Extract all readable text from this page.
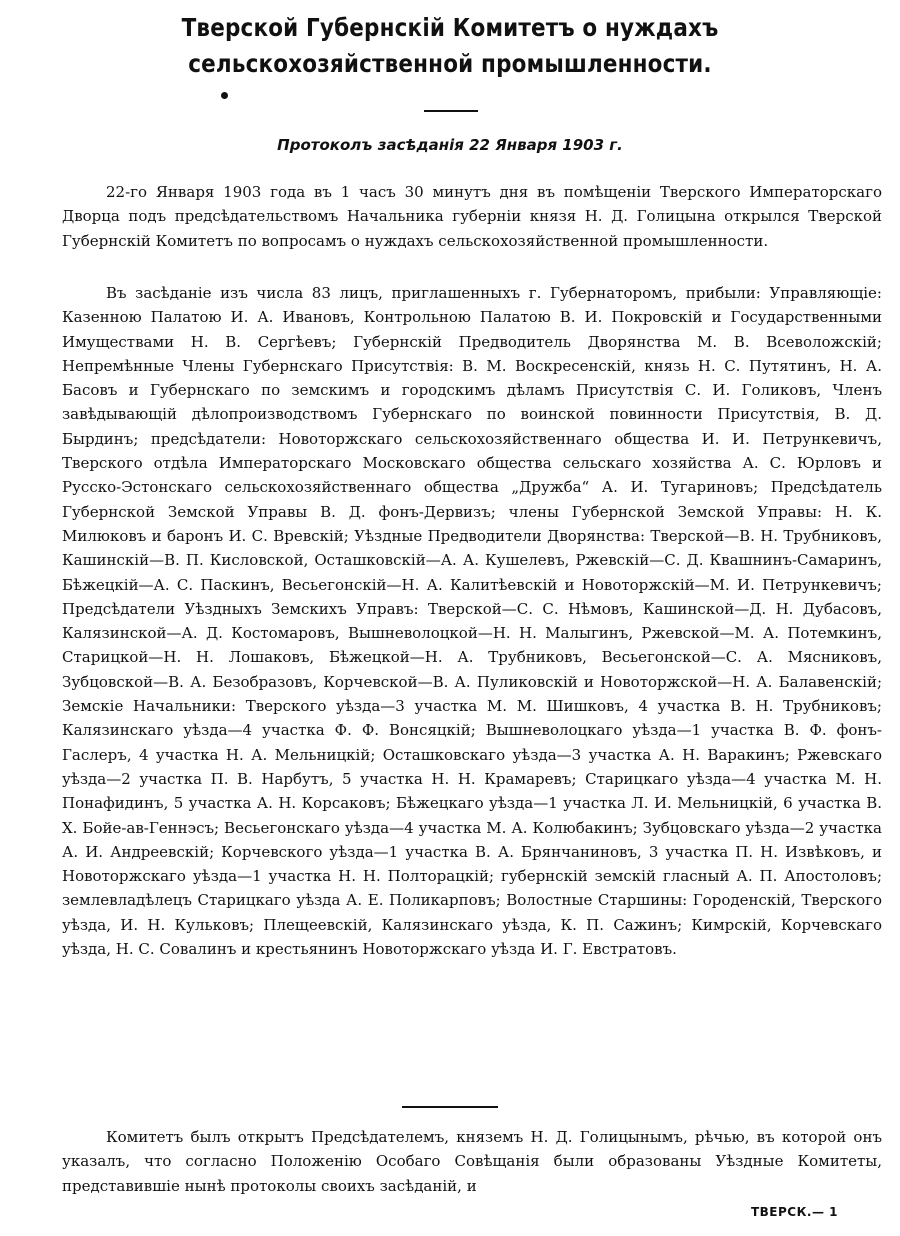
Тверской Губернскій Комитетъ о нуждахъ сельскохозяйственной промышленности.
Протоколъ засѣданія 22 Января 1903 г.
22-го Января 1903 года въ 1 часъ 30 минутъ дня въ помѣщеніи Тверского Императорскаго Дворца подъ предсѣдательствомъ Начальника губерніи князя Н. Д. Голицына открылся Тверской Губернскій Комитетъ по вопросамъ о нуждахъ сельскохозяйственной промышленности.
Въ засѣданіе изъ числа 83 лицъ, приглашенныхъ г. Губернаторомъ, прибыли: Управляющіе: Казенною Палатою И. А. Ивановъ, Контрольною Палатою В. И. Покровскій и Государственными Имуществами Н. В. Сергѣевъ; Губернскій Предводитель Дворянства М. В. Всеволожскій; Непремѣнные Члены Губернскаго Присутствія: В. М. Воскресенскій, князь Н. С. Путятинъ, Н. А. Басовъ и Губернскаго по земскимъ и городскимъ дѣламъ Присутствія С. И. Голиковъ, Членъ завѣдывающій дѣлопроизводствомъ Губернскаго по воинской повинности Присутствія, В. Д. Бырдинъ; предсѣдатели: Новоторжскаго сельскохозяйственнаго общества И. И. Петрункевичъ, Тверского отдѣла Императорскаго Московскаго общества сельскаго хозяйства А. С. Юрловъ и Русско-Эстонскаго сельскохозяйственнаго общества „Дружба“ А. И. Тугариновъ; Предсѣдатель Губернской Земской Управы В. Д. фонъ-Дервизъ; члены Губернской Земской Управы: Н. К. Милюковъ и баронъ И. С. Вревскій; Уѣздные Предводители Дворянства: Тверской—В. Н. Трубниковъ, Кашинскій—В. П. Кисловской, Осташковскій—А. А. Кушелевъ, Ржевскій—С. Д. Квашнинъ-Самаринъ, Бѣжецкій—А. С. Паскинъ, Весьегонскій—Н. А. Калитѣевскій и Новоторжскій—М. И. Петрункевичъ; Предсѣдатели Уѣздныхъ Земскихъ Управъ: Тверской—С. С. Нѣмовъ, Кашинской—Д. Н. Дубасовъ, Калязинской—А. Д. Костомаровъ, Вышневолоцкой—Н. Н. Малыгинъ, Ржевской—М. А. Потемкинъ, Старицкой—Н. Н. Лошаковъ, Бѣжецкой—Н. А. Трубниковъ, Весьегонской—С. А. Мясниковъ, Зубцовской—В. А. Безобразовъ, Корчевской—В. А. Пуликовскій и Новоторжской—Н. А. Балавенскій; Земскіе Начальники: Тверского уѣзда—3 участка М. М. Шишковъ, 4 участка В. Н. Трубниковъ; Калязинскаго уѣзда—4 участка Ф. Ф. Вонсяцкій; Вышневолоцкаго уѣзда—1 участка В. Ф. фонъ-Гаслеръ, 4 участка Н. А. Мельницкій; Осташковскаго уѣзда—3 участка А. Н. Варакинъ; Ржевскаго уѣзда—2 участка П. В. Нарбутъ, 5 участка Н. Н. Крамаревъ; Старицкаго уѣзда—4 участка М. Н. Понафидинъ, 5 участка А. Н. Корсаковъ; Бѣжецкаго уѣзда—1 участка Л. И. Мельницкій, 6 участка В. Х. Бойе-ав-Геннэсъ; Весьегонскаго уѣзда—4 участка М. А. Колюбакинъ; Зубцовскаго уѣзда—2 участка А. И. Андреевскій; Корчевского уѣзда—1 участка В. А. Брянчаниновъ, 3 участка П. Н. Извѣковъ, и Новоторжскаго уѣзда—1 участка Н. Н. Полторацкій; губернскій земскій гласный А. П. Апостоловъ; землевладѣлецъ Старицкаго уѣзда А. Е. Поликарповъ; Волостные Старшины: Городенскій, Тверского уѣзда, И. Н. Кульковъ; Плещеевскій, Калязинскаго уѣзда, К. П. Сажинъ; Кимрскій, Корчевскаго уѣзда, Н. С. Совалинъ и крестьянинъ Новоторжскаго уѣзда И. Г. Евстратовъ.
Комитетъ былъ открытъ Предсѣдателемъ, княземъ Н. Д. Голицынымъ, рѣчью, въ которой онъ указалъ, что согласно Положенію Особаго Совѣщанія были образованы Уѣздные Комитеты, представившіе нынѣ протоколы своихъ засѣданій, и
ТВЕРСК.— 1
